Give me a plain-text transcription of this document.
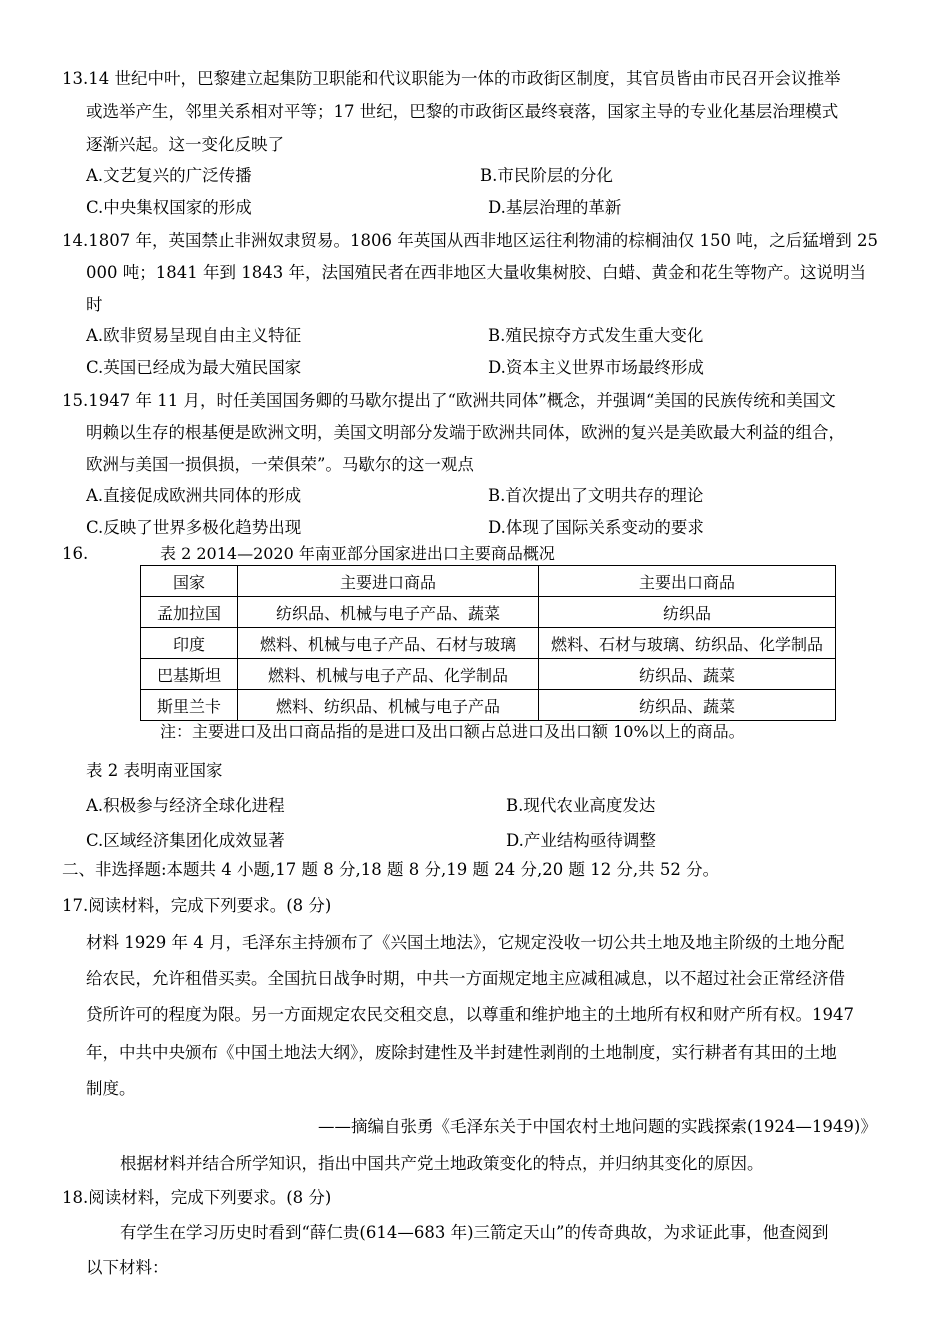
13.14 世纪中叶，巴黎建立起集防卫职能和代议职能为一体的市政街区制度，其官员皆由市民召开会议推举
或选举产生，邻里关系相对平等；17 世纪，巴黎的市政街区最终衰落，国家主导的专业化基层治理模式
逐渐兴起。这一变化反映了
A.文艺复兴的广泛传播	B.市民阶层的分化
C.中央集权国家的形成	D.基层治理的革新
14.1807 年，英国禁止非洲奴隶贸易。1806 年英国从西非地区运往利物浦的棕榈油仅 150 吨，之后猛增到 25
000 吨；1841 年到 1843 年，法国殖民者在西非地区大量收集树胶、白蜡、黄金和花生等物产。这说明当
时
A.欧非贸易呈现自由主义特征	B.殖民掠夺方式发生重大变化
C.英国已经成为最大殖民国家	D.资本主义世界市场最终形成
15.1947 年 11 月，时任美国国务卿的马歇尔提出了“欧洲共同体”概念，并强调“美国的民族传统和美国文
明赖以生存的根基便是欧洲文明，美国文明部分发端于欧洲共同体，欧洲的复兴是美欧最大利益的组合，
欧洲与美国一损俱损，一荣俱荣”。马歇尔的这一观点
A.直接促成欧洲共同体的形成	B.首次提出了文明共存的理论
C.反映了世界多极化趋势出现	D.体现了国际关系变动的要求
16.	表 2 2014—2020 年南亚部分国家进出口主要商品概况
国家	主要进口商品	主要出口商品
孟加拉国	纺织品、机械与电子产品、蔬菜	纺织品
印度	燃料、机械与电子产品、石材与玻璃	燃料、石材与玻璃、纺织品、化学制品
巴基斯坦	燃料、机械与电子产品、化学制品	纺织品、蔬菜
斯里兰卡	燃料、纺织品、机械与电子产品	纺织品、蔬菜
注：主要进口及出口商品指的是进口及出口额占总进口及出口额 10%以上的商品。
表 2 表明南亚国家
A.积极参与经济全球化进程	B.现代农业高度发达
C.区域经济集团化成效显著	D.产业结构亟待调整
二、非选择题:本题共 4 小题,17 题 8 分,18 题 8 分,19 题 24 分,20 题 12 分,共 52 分。
17.阅读材料，完成下列要求。(8 分)
材料 1929 年 4 月，毛泽东主持颁布了《兴国土地法》，它规定没收一切公共土地及地主阶级的土地分配
给农民，允许租借买卖。全国抗日战争时期，中共一方面规定地主应减租减息，以不超过社会正常经济借
贷所许可的程度为限。另一方面规定农民交租交息，以尊重和维护地主的土地所有权和财产所有权。1947
年，中共中央颁布《中国土地法大纲》，废除封建性及半封建性剥削的土地制度，实行耕者有其田的土地
制度。
——摘编自张勇《毛泽东关于中国农村土地问题的实践探索(1924—1949)》
根据材料并结合所学知识，指出中国共产党土地政策变化的特点，并归纳其变化的原因。
18.阅读材料，完成下列要求。(8 分)
有学生在学习历史时看到“薛仁贵(614—683 年)三箭定天山”的传奇典故，为求证此事，他查阅到
以下材料：
